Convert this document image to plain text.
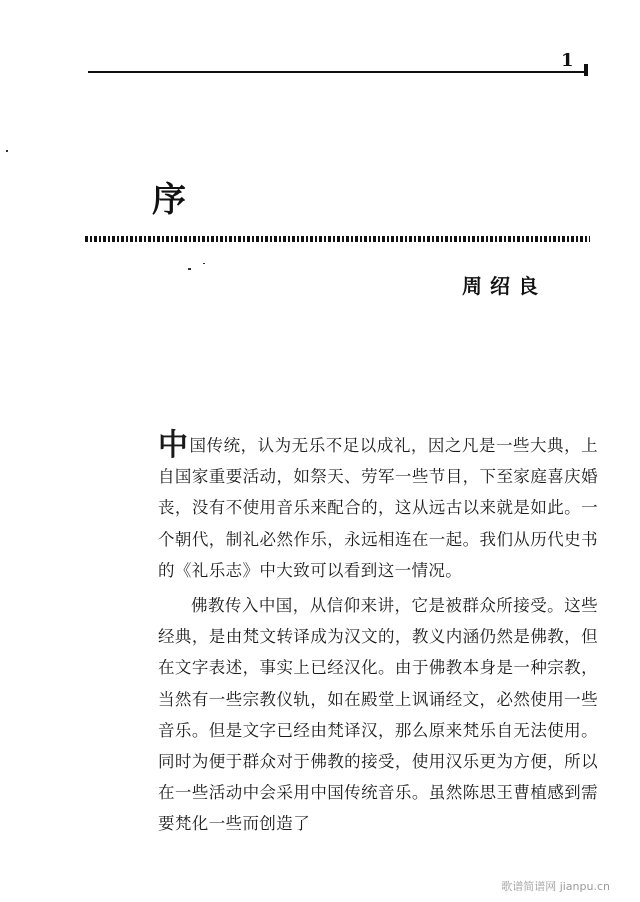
1
序
周绍良

中国传统，认为无乐不足以成礼，因之凡是一些大典，上自国家重要活动，如祭天、劳军一些节目，下至家庭喜庆婚丧，没有不使用音乐来配合的，这从远古以来就是如此。一个朝代，制礼必然作乐，永远相连在一起。我们从历代史书的《礼乐志》中大致可以看到这一情况。

佛教传入中国，从信仰来讲，它是被群众所接受。这些经典，是由梵文转译成为汉文的，教义内涵仍然是佛教，但在文字表述，事实上已经汉化。由于佛教本身是一种宗教，当然有一些宗教仪轨，如在殿堂上讽诵经文，必然使用一些音乐。但是文字已经由梵译汉，那么原来梵乐自无法使用。同时为便于群众对于佛教的接受，使用汉乐更为方便，所以在一些活动中会采用中国传统音乐。虽然陈思王曹植感到需要梵化一些而创造了

歌谱简谱网 jianpu.cn
